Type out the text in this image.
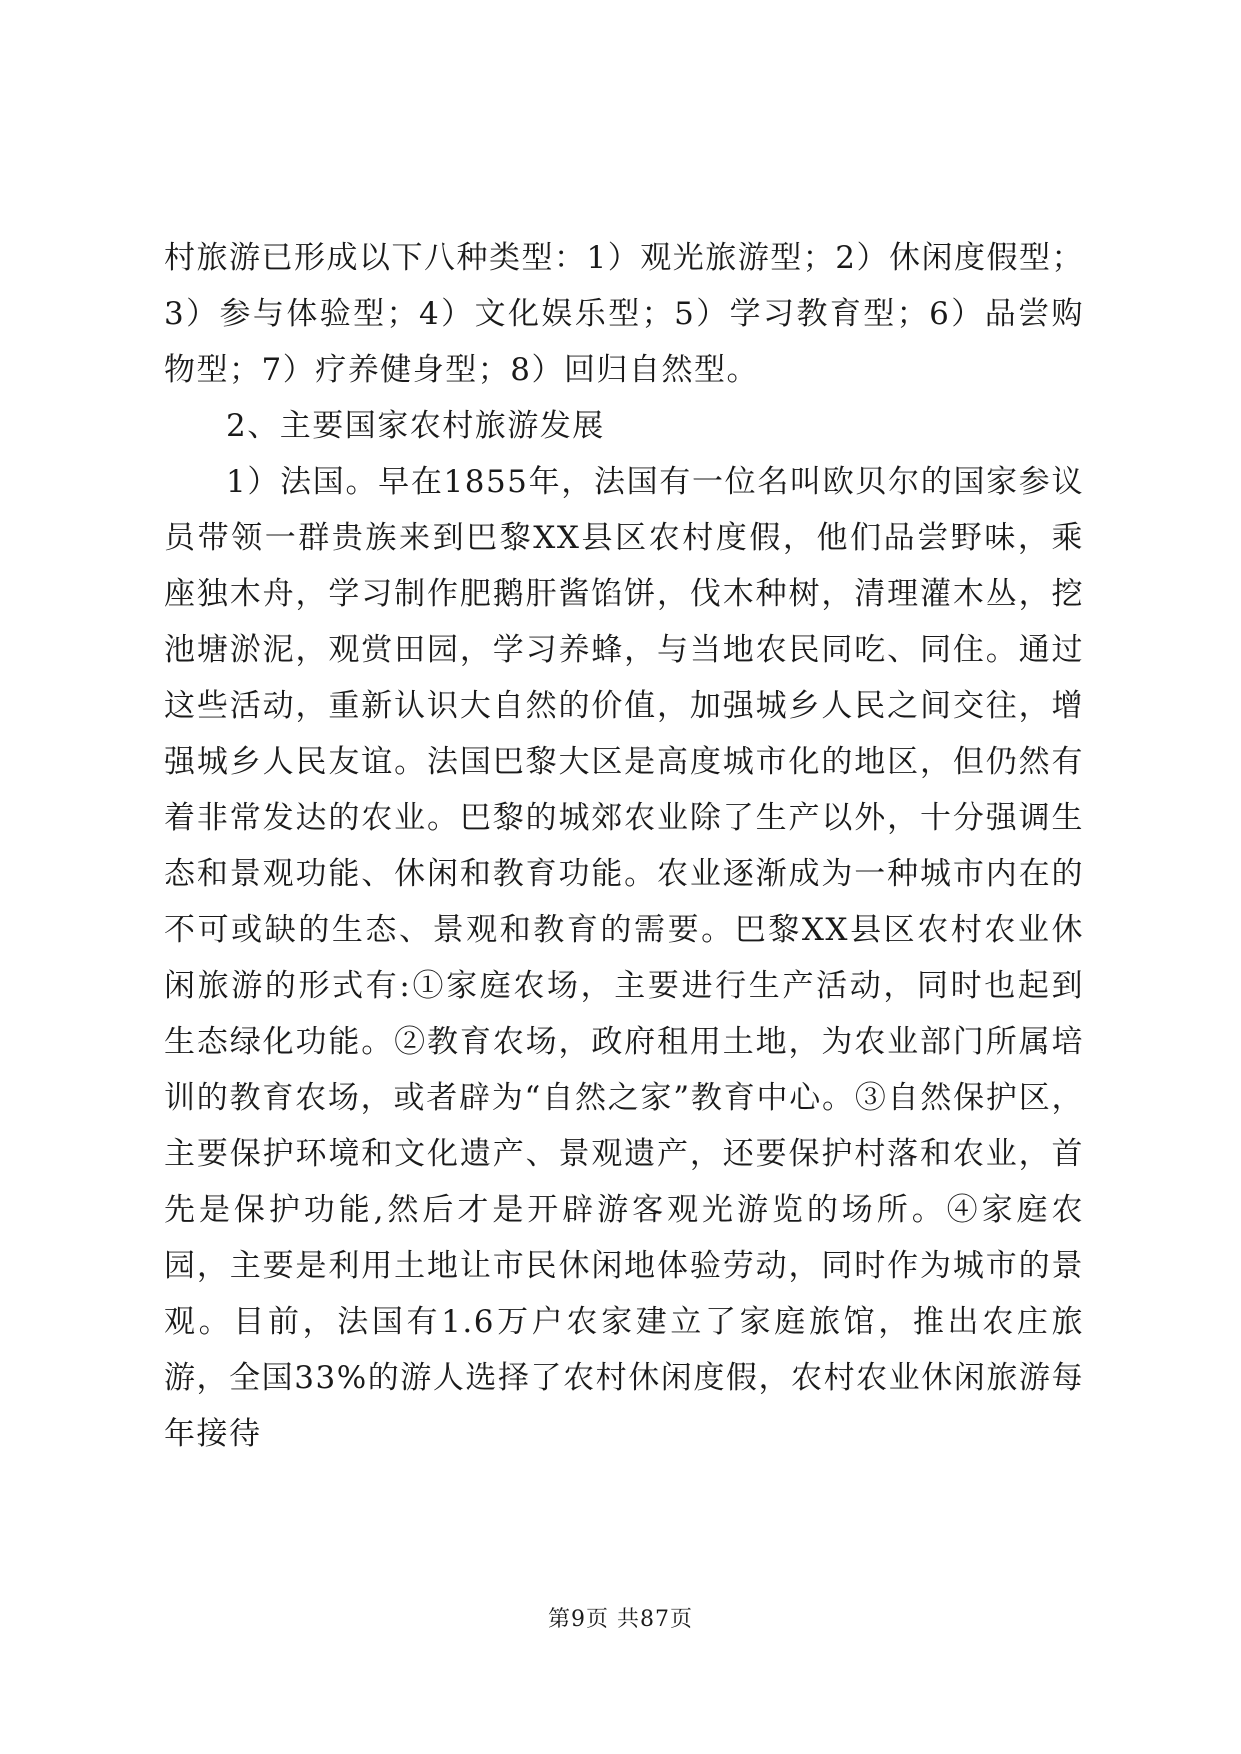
村旅游已形成以下八种类型：1）观光旅游型；2）休闲度假型；3）参与体验型；4）文化娱乐型；5）学习教育型；6）品尝购物型；7）疗养健身型；8）回归自然型。

2、主要国家农村旅游发展

1）法国。早在1855年，法国有一位名叫欧贝尔的国家参议员带领一群贵族来到巴黎XX县区农村度假，他们品尝野味，乘座独木舟，学习制作肥鹅肝酱馅饼，伐木种树，清理灌木丛，挖池塘淤泥，观赏田园，学习养蜂，与当地农民同吃、同住。通过这些活动，重新认识大自然的价值，加强城乡人民之间交往，增强城乡人民友谊。法国巴黎大区是高度城市化的地区，但仍然有着非常发达的农业。巴黎的城郊农业除了生产以外，十分强调生态和景观功能、休闲和教育功能。农业逐渐成为一种城市内在的不可或缺的生态、景观和教育的需要。巴黎XX县区农村农业休闲旅游的形式有:①家庭农场，主要进行生产活动，同时也起到生态绿化功能。②教育农场，政府租用土地，为农业部门所属培训的教育农场，或者辟为“自然之家”教育中心。③自然保护区，主要保护环境和文化遗产、景观遗产，还要保护村落和农业，首先是保护功能,然后才是开辟游客观光游览的场所。④家庭农园，主要是利用土地让市民休闲地体验劳动，同时作为城市的景观。目前，法国有1.6万户农家建立了家庭旅馆，推出农庄旅游，全国33%的游人选择了农村休闲度假，农村农业休闲旅游每年接待

第9页 共87页
